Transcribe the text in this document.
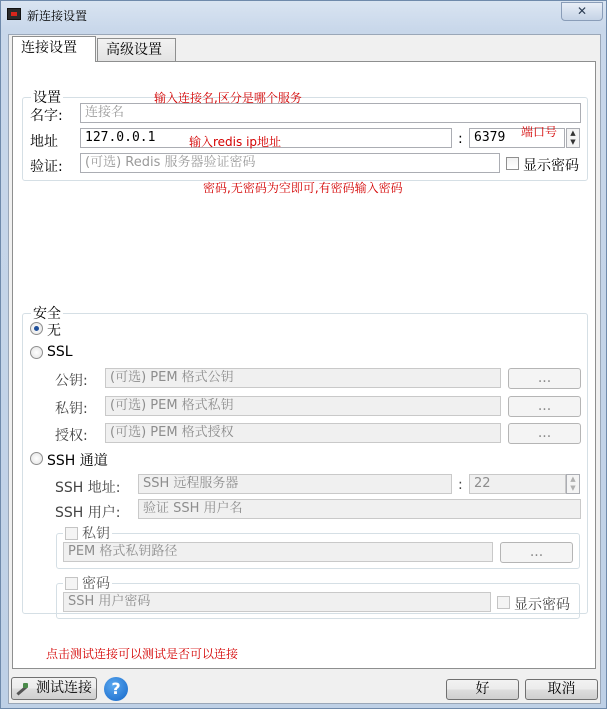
新连接设置	✕
连接设置	高级设置
设置
名字:	连接名
地址	127.0.0.1	: 6379	▲
▼
验证:	(可选) Redis 服务器验证密码	显示密码
安全
无
SSL
公钥:	(可选) PEM 格式公钥	...
私钥:	(可选) PEM 格式私钥	...
授权:	(可选) PEM 格式授权	...
SSH 通道
SSH 地址:	SSH 远程服务器	: 22	▲
▼
SSH 用户:	验证 SSH 用户名
私钥
PEM 格式私钥路径	...
密码
SSH 用户密码	显示密码
输入连接名,区分是哪个服务
输入redis ip地址
端口号
密码,无密码为空即可,有密码输入密码
点击测试连接可以测试是否可以连接
测试连接	?	好	取消
